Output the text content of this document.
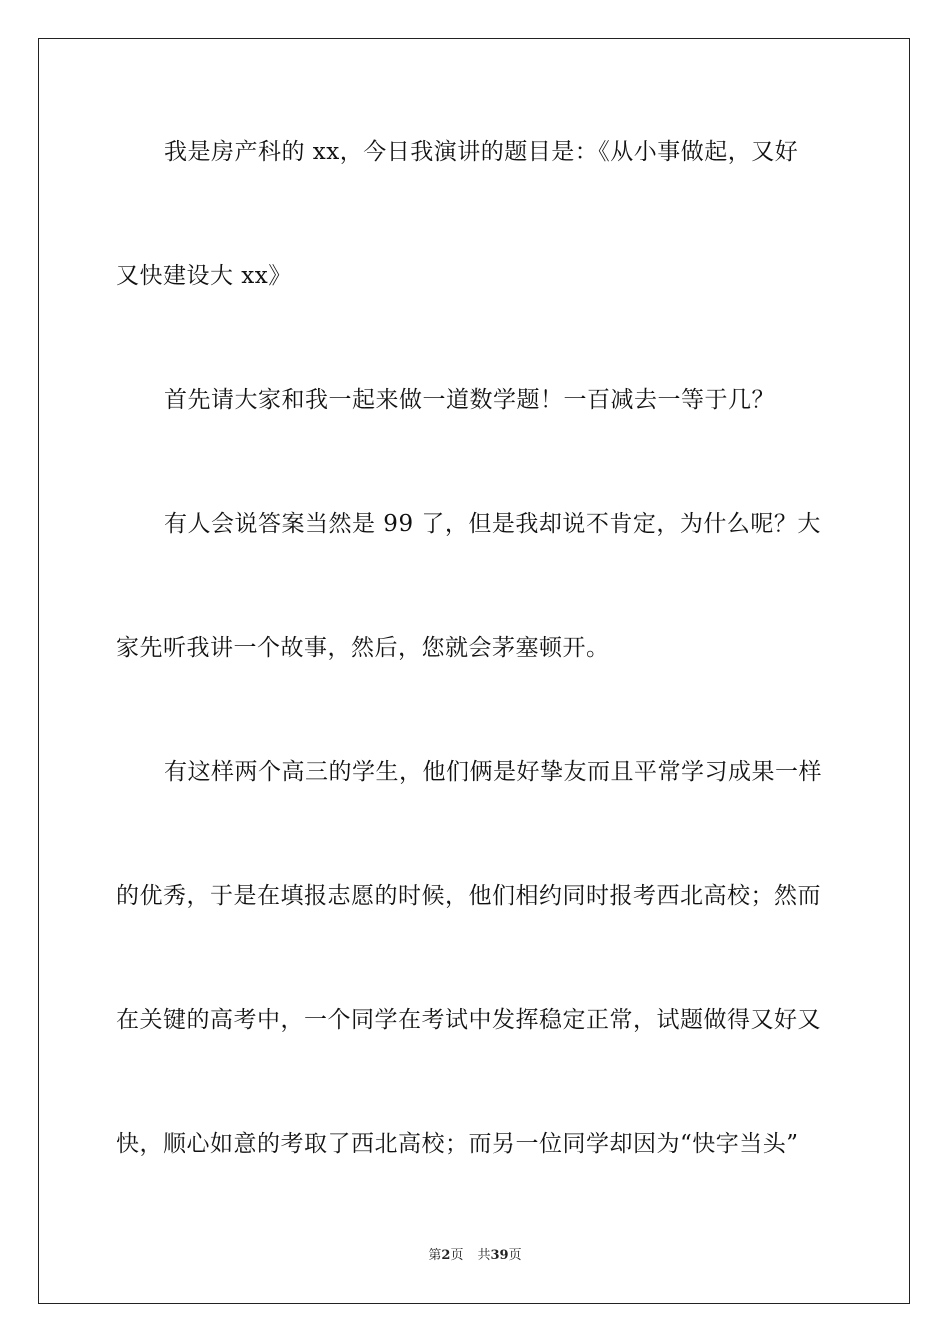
我是房产科的 xx，今日我演讲的题目是：《从小事做起，又好
又快建设大 xx》
首先请大家和我一起来做一道数学题！一百减去一等于几？
有人会说答案当然是 99 了，但是我却说不肯定，为什么呢？大
家先听我讲一个故事，然后，您就会茅塞顿开。
有这样两个高三的学生，他们俩是好挚友而且平常学习成果一样
的优秀，于是在填报志愿的时候，他们相约同时报考西北高校；然而
在关键的高考中，一个同学在考试中发挥稳定正常，试题做得又好又
快，顺心如意的考取了西北高校；而另一位同学却因为“快字当头”
第2页 共39页
